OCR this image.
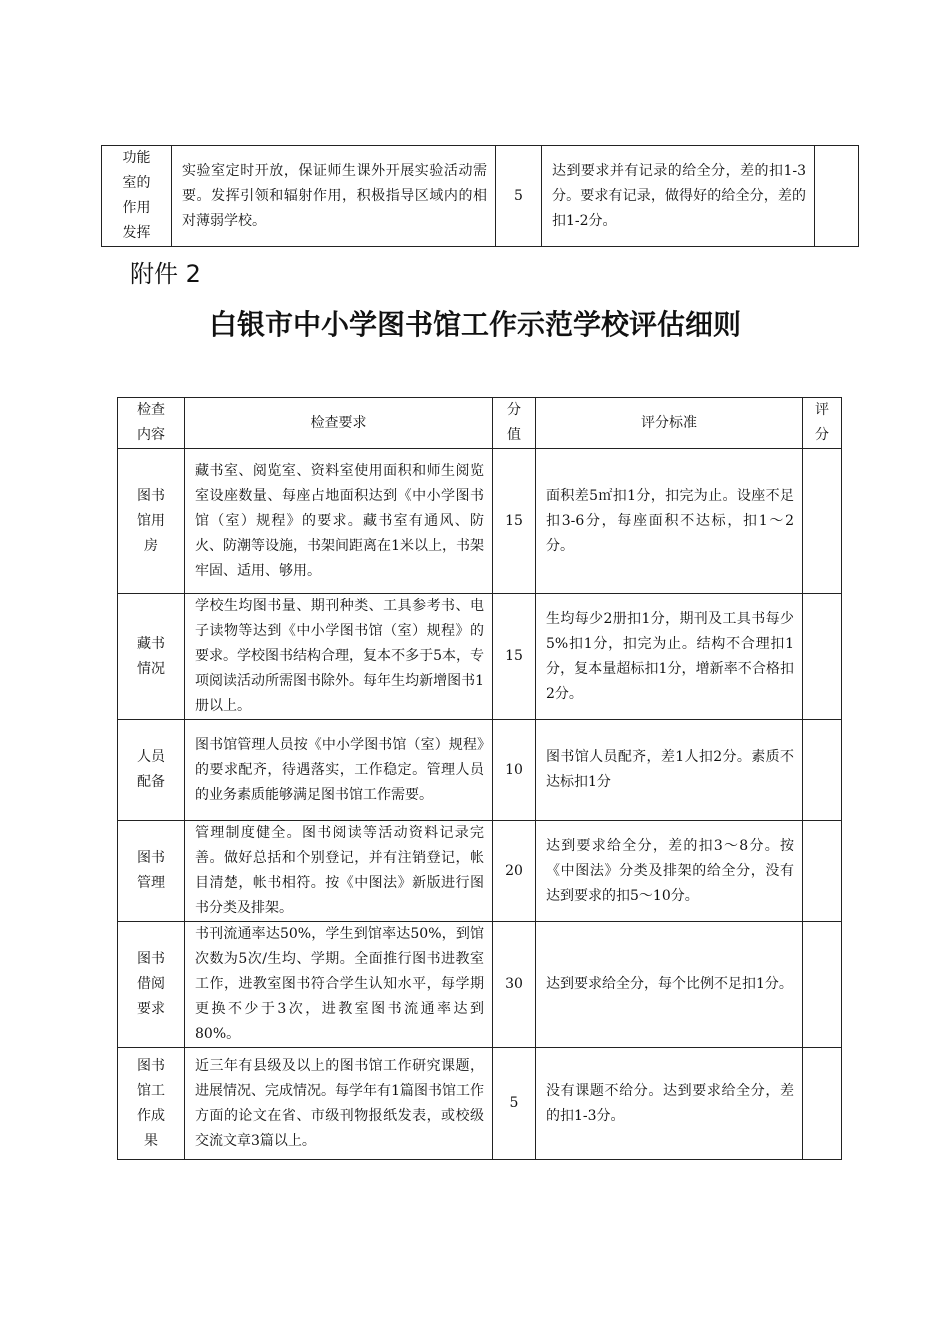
功能室的作用发挥	实验室定时开放，保证师生课外开展实验活动需要。发挥引领和辐射作用，积极指导区域内的相对薄弱学校。	5	达到要求并有记录的给全分，差的扣1-3分。要求有记录，做得好的给全分，差的扣1-2分。	
附件 2
白银市中小学图书馆工作示范学校评估细则
检查内容	检查要求	分值	评分标准	评分
图书馆用房	藏书室、阅览室、资料室使用面积和师生阅览室设座数量、每座占地面积达到《中小学图书馆（室）规程》的要求。藏书室有通风、防火、防潮等设施，书架间距离在1米以上，书架牢固、适用、够用。	15	面积差5㎡扣1分，扣完为止。设座不足扣3-6分，每座面积不达标，扣1～2分。	
藏书情况	学校生均图书量、期刊种类、工具参考书、电子读物等达到《中小学图书馆（室）规程》的要求。学校图书结构合理，复本不多于5本，专项阅读活动所需图书除外。每年生均新增图书1册以上。	15	生均每少2册扣1分，期刊及工具书每少5%扣1分，扣完为止。结构不合理扣1分，复本量超标扣1分，增新率不合格扣2分。	
人员配备	图书馆管理人员按《中小学图书馆（室）规程》的要求配齐，待遇落实，工作稳定。管理人员的业务素质能够满足图书馆工作需要。	10	图书馆人员配齐，差1人扣2分。素质不达标扣1分	
图书管理	管理制度健全。图书阅读等活动资料记录完善。做好总括和个别登记，并有注销登记，帐目清楚，帐书相符。按《中图法》新版进行图书分类及排架。	20	达到要求给全分，差的扣3～8分。按《中图法》分类及排架的给全分，没有达到要求的扣5～10分。	
图书借阅要求	书刊流通率达50%，学生到馆率达50%，到馆次数为5次/生均、学期。全面推行图书进教室工作，进教室图书符合学生认知水平，每学期更换不少于3次，进教室图书流通率达到80%。	30	达到要求给全分，每个比例不足扣1分。	
图书馆工作成果	近三年有县级及以上的图书馆工作研究课题，进展情况、完成情况。每学年有1篇图书馆工作方面的论文在省、市级刊物报纸发表，或校级交流文章3篇以上。	5	没有课题不给分。达到要求给全分，差的扣1-3分。	
